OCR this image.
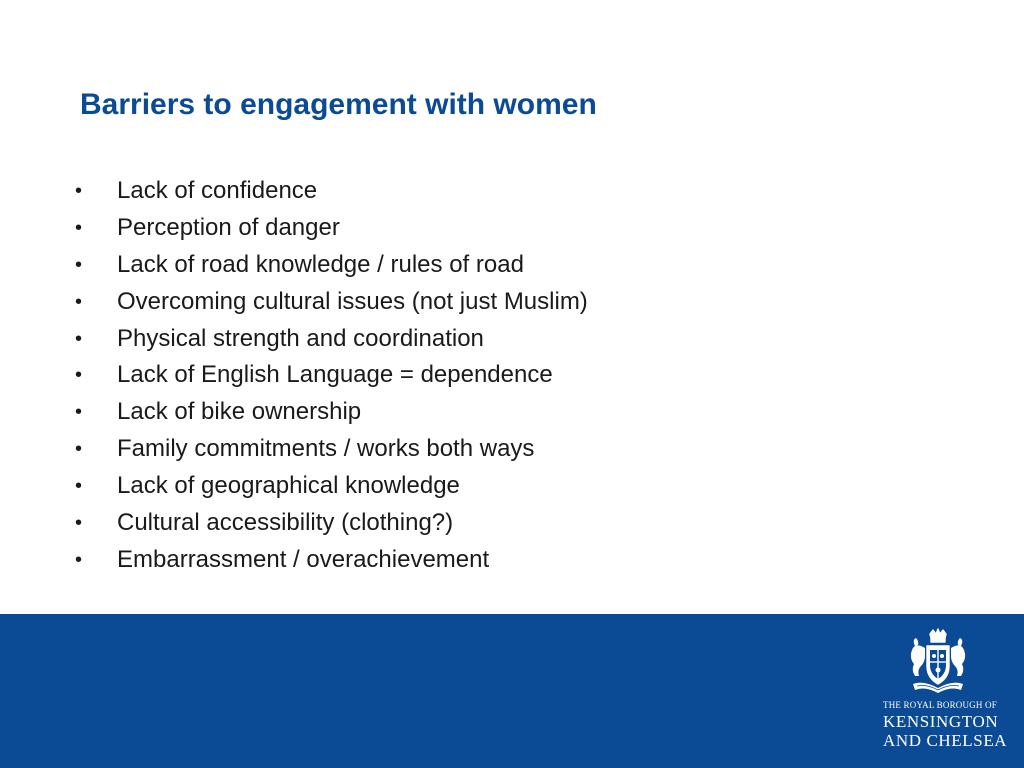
Barriers to engagement with women
• Lack of confidence
• Perception of danger
• Lack of road knowledge / rules of road
• Overcoming cultural issues (not just Muslim)
• Physical strength and coordination
• Lack of English Language = dependence
• Lack of bike ownership
• Family commitments / works both ways
• Lack of geographical knowledge
• Cultural accessibility (clothing?)
• Embarrassment / overachievement
THE ROYAL BOROUGH OF
KENSINGTON
AND CHELSEA
